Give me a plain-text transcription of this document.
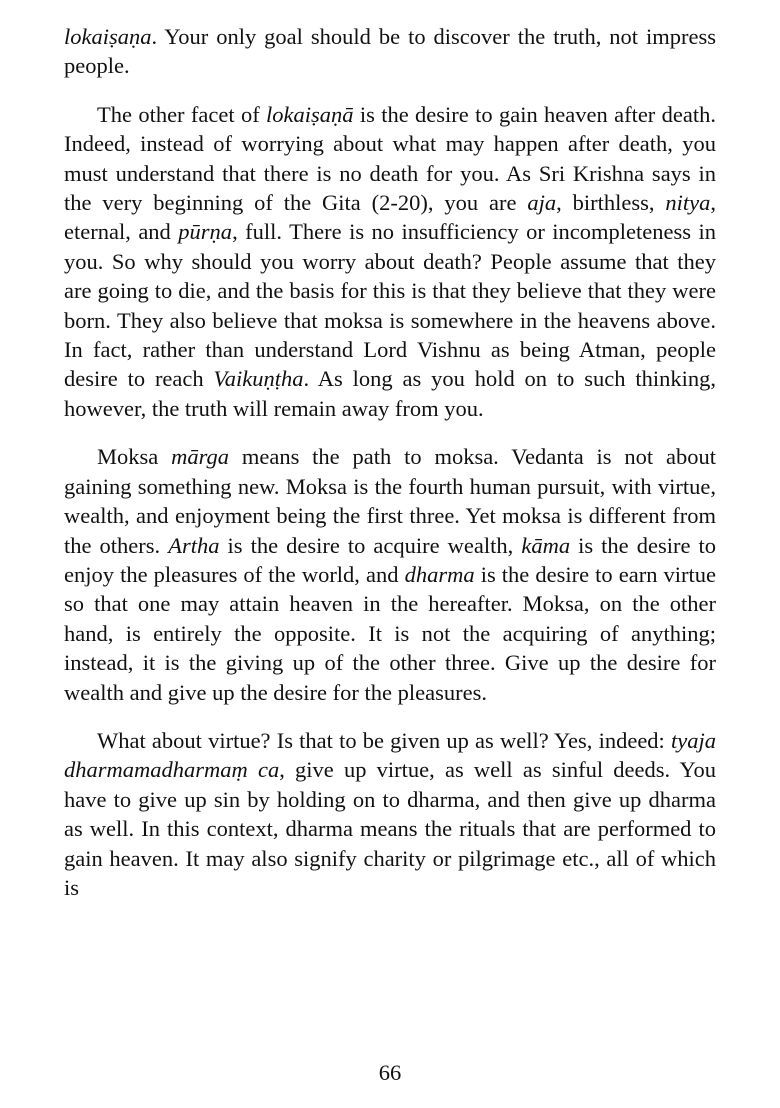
lokaiṣaṇa. Your only goal should be to discover the truth, not impress people.

The other facet of lokaiṣaṇā is the desire to gain heaven after death. Indeed, instead of worrying about what may happen after death, you must understand that there is no death for you. As Sri Krishna says in the very beginning of the Gita (2-20), you are aja, birthless, nitya, eternal, and pūrṇa, full. There is no insufficiency or incompleteness in you. So why should you worry about death? People assume that they are going to die, and the basis for this is that they believe that they were born. They also believe that moksa is somewhere in the heavens above. In fact, rather than understand Lord Vishnu as being Atman, people desire to reach Vaikuṇṭha. As long as you hold on to such thinking, however, the truth will remain away from you.

Moksa mārga means the path to moksa. Vedanta is not about gaining something new. Moksa is the fourth human pursuit, with virtue, wealth, and enjoyment being the first three. Yet moksa is different from the others. Artha is the desire to acquire wealth, kāma is the desire to enjoy the pleasures of the world, and dharma is the desire to earn virtue so that one may attain heaven in the hereafter. Moksa, on the other hand, is entirely the opposite. It is not the acquiring of anything; instead, it is the giving up of the other three. Give up the desire for wealth and give up the desire for the pleasures.

What about virtue? Is that to be given up as well? Yes, indeed: tyaja dharmamadharmaṃ ca, give up virtue, as well as sinful deeds. You have to give up sin by holding on to dharma, and then give up dharma as well. In this context, dharma means the rituals that are performed to gain heaven. It may also signify charity or pilgrimage etc., all of which is

66
